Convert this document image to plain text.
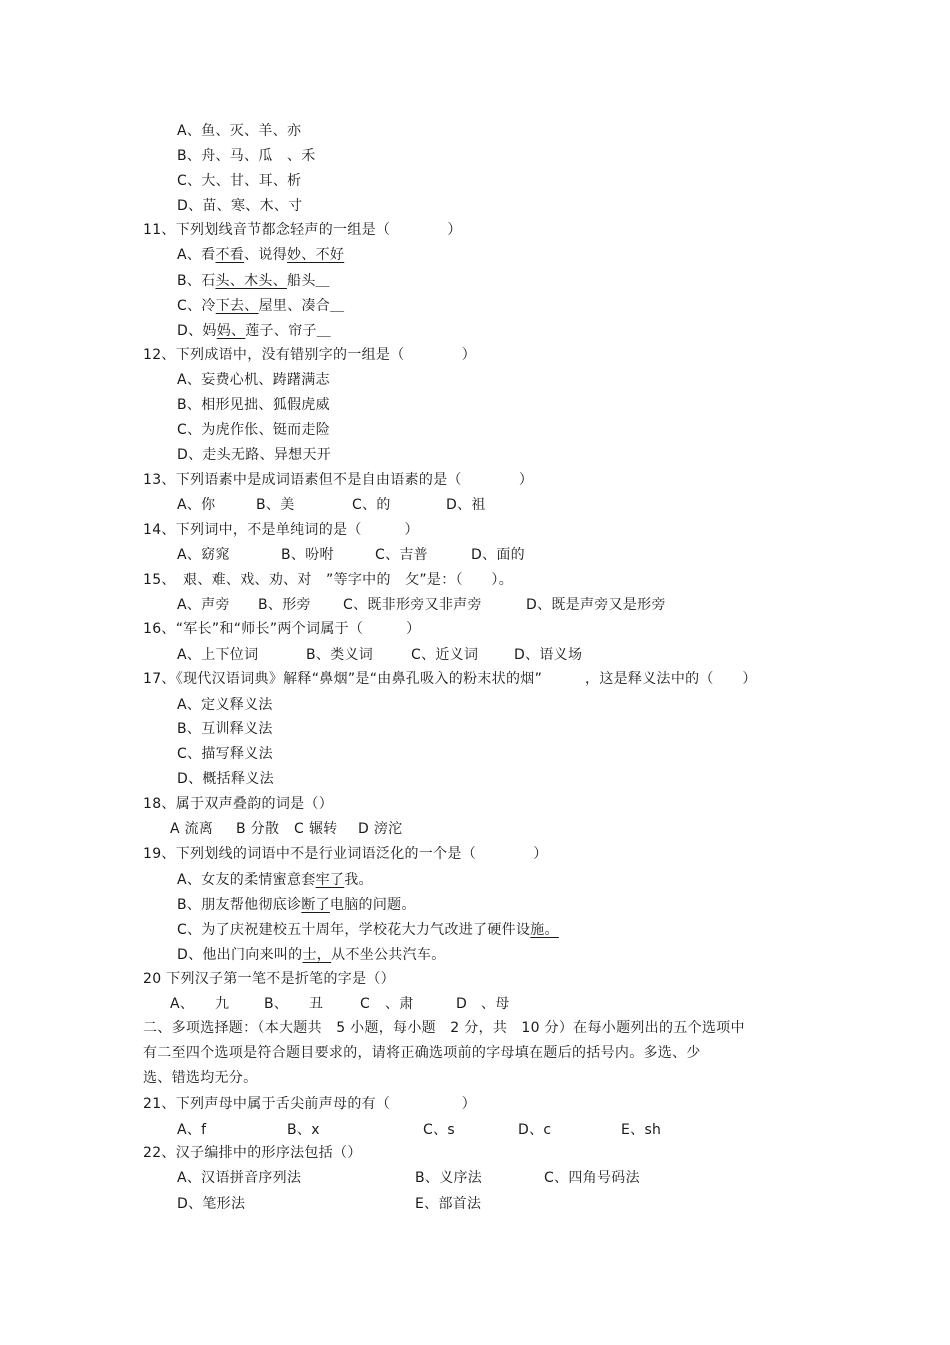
A、鱼、灭、羊、亦
B、舟、马、瓜　、禾
C、大、甘、耳、析
D、苗、寒、木、寸
11、下列划线音节都念轻声的一组是（　　　　）
A、看不看、说得妙、不好
B、石头、木头、船头＿
C、冷下去、屋里、凑合＿
D、妈妈、莲子、帘子＿
12、下列成语中，没有错别字的一组是（　　　　）
A、妄费心机、踌躇满志
B、相形见拙、狐假虎威
C、为虎作伥、铤而走险
D、走头无路、异想天开
13、下列语素中是成词语素但不是自由语素的是（　　　　）
A、你	B、美	C、的	D、祖
14、下列词中，不是单纯词的是（　　　）
A、窈窕	B、吩咐	C、吉普	D、面的
15、　艰、难、戏、劝、对　”等字中的　攵”是：（　　）。
A、声旁 B、形旁 C、既非形旁又非声旁	D、既是声旁又是形旁
16、“军长”和“师长”两个词属于（　　　）
A、上下位词	B、类义词	C、近义词	D、语义场
17、《现代汉语词典》解释“鼻烟”是“由鼻孔吸入的粉末状的烟”　　　，这是释义法中的（　　）
A、定义释义法
B、互训释义法
C、描写释义法
D、概括释义法
18、属于双声叠韵的词是（）
A 流离 B 分散 C 辗转 D 滂沱
19、下列划线的词语中不是行业词语泛化的一个是（　　　　）
A、女友的柔情蜜意套牢了我。
B、朋友帮他彻底诊断了电脑的问题。
C、为了庆祝建校五十周年，学校花大力气改进了硬件设施。
D、他出门向来叫的士，从不坐公共汽车。
20 下列汉子第一笔不是折笔的字是（）
A、 九 B、 丑	C 、肃	D 、母
二、多项选择题：（本大题共　5 小题，每小题　2 分，共　10 分）在每小题列出的五个选项中
有二至四个选项是符合题目要求的，请将正确选项前的字母填在题后的括号内。多选、少
选、错选均无分。
21、下列声母中属于舌尖前声母的有（　　　　　）
A、f	B、x	C、s	D、c	E、sh
22、汉子编排中的形序法包括（）
A、汉语拼音序列法	B、义序法	C、四角号码法
D、笔形法	E、部首法
